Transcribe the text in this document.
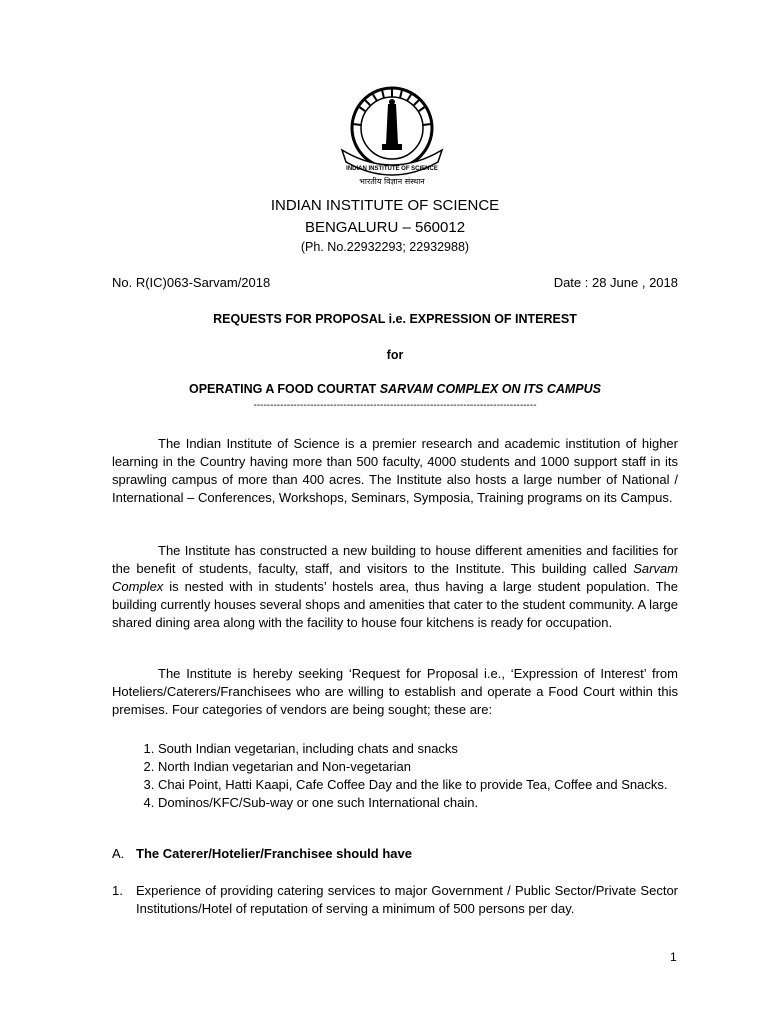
INDIAN INSTITUTE OF SCIENCE
भारतीय विज्ञान संस्थान
INDIAN INSTITUTE OF SCIENCE
BENGALURU – 560012
(Ph. No.22932293; 22932988)
No. R(IC)063-Sarvam/2018	Date : 28 June , 2018
REQUESTS FOR PROPOSAL i.e. EXPRESSION OF INTEREST
for
OPERATING A FOOD COURTAT SARVAM COMPLEX ON ITS CAMPUS
-------------------------------------------------------------------------------------
The Indian Institute of Science is a premier research and academic institution of higher learning in the Country having more than 500 faculty, 4000 students and 1000 support staff in its sprawling campus of more than 400 acres. The Institute also hosts a large number of National / International – Conferences, Workshops, Seminars, Symposia, Training programs on its Campus.
The Institute has constructed a new building to house different amenities and facilities for the benefit of students, faculty, staff, and visitors to the Institute. This building called Sarvam Complex is nested with in students’ hostels area, thus having a large student population. The building currently houses several shops and amenities that cater to the student community. A large shared dining area along with the facility to house four kitchens is ready for occupation.
The Institute is hereby seeking ‘Request for Proposal i.e., ‘Expression of Interest’ from Hoteliers/Caterers/Franchisees who are willing to establish and operate a Food Court within this premises. Four categories of vendors are being sought; these are:
1. South Indian vegetarian, including chats and snacks
2. North Indian vegetarian and Non-vegetarian
3. Chai Point, Hatti Kaapi, Cafe Coffee Day and the like to provide Tea, Coffee and Snacks.
4. Dominos/KFC/Sub-way or one such International chain.
A. The Caterer/Hotelier/Franchisee should have
1. Experience of providing catering services to major Government / Public Sector/Private Sector Institutions/Hotel of reputation of serving a minimum of 500 persons per day.
1
